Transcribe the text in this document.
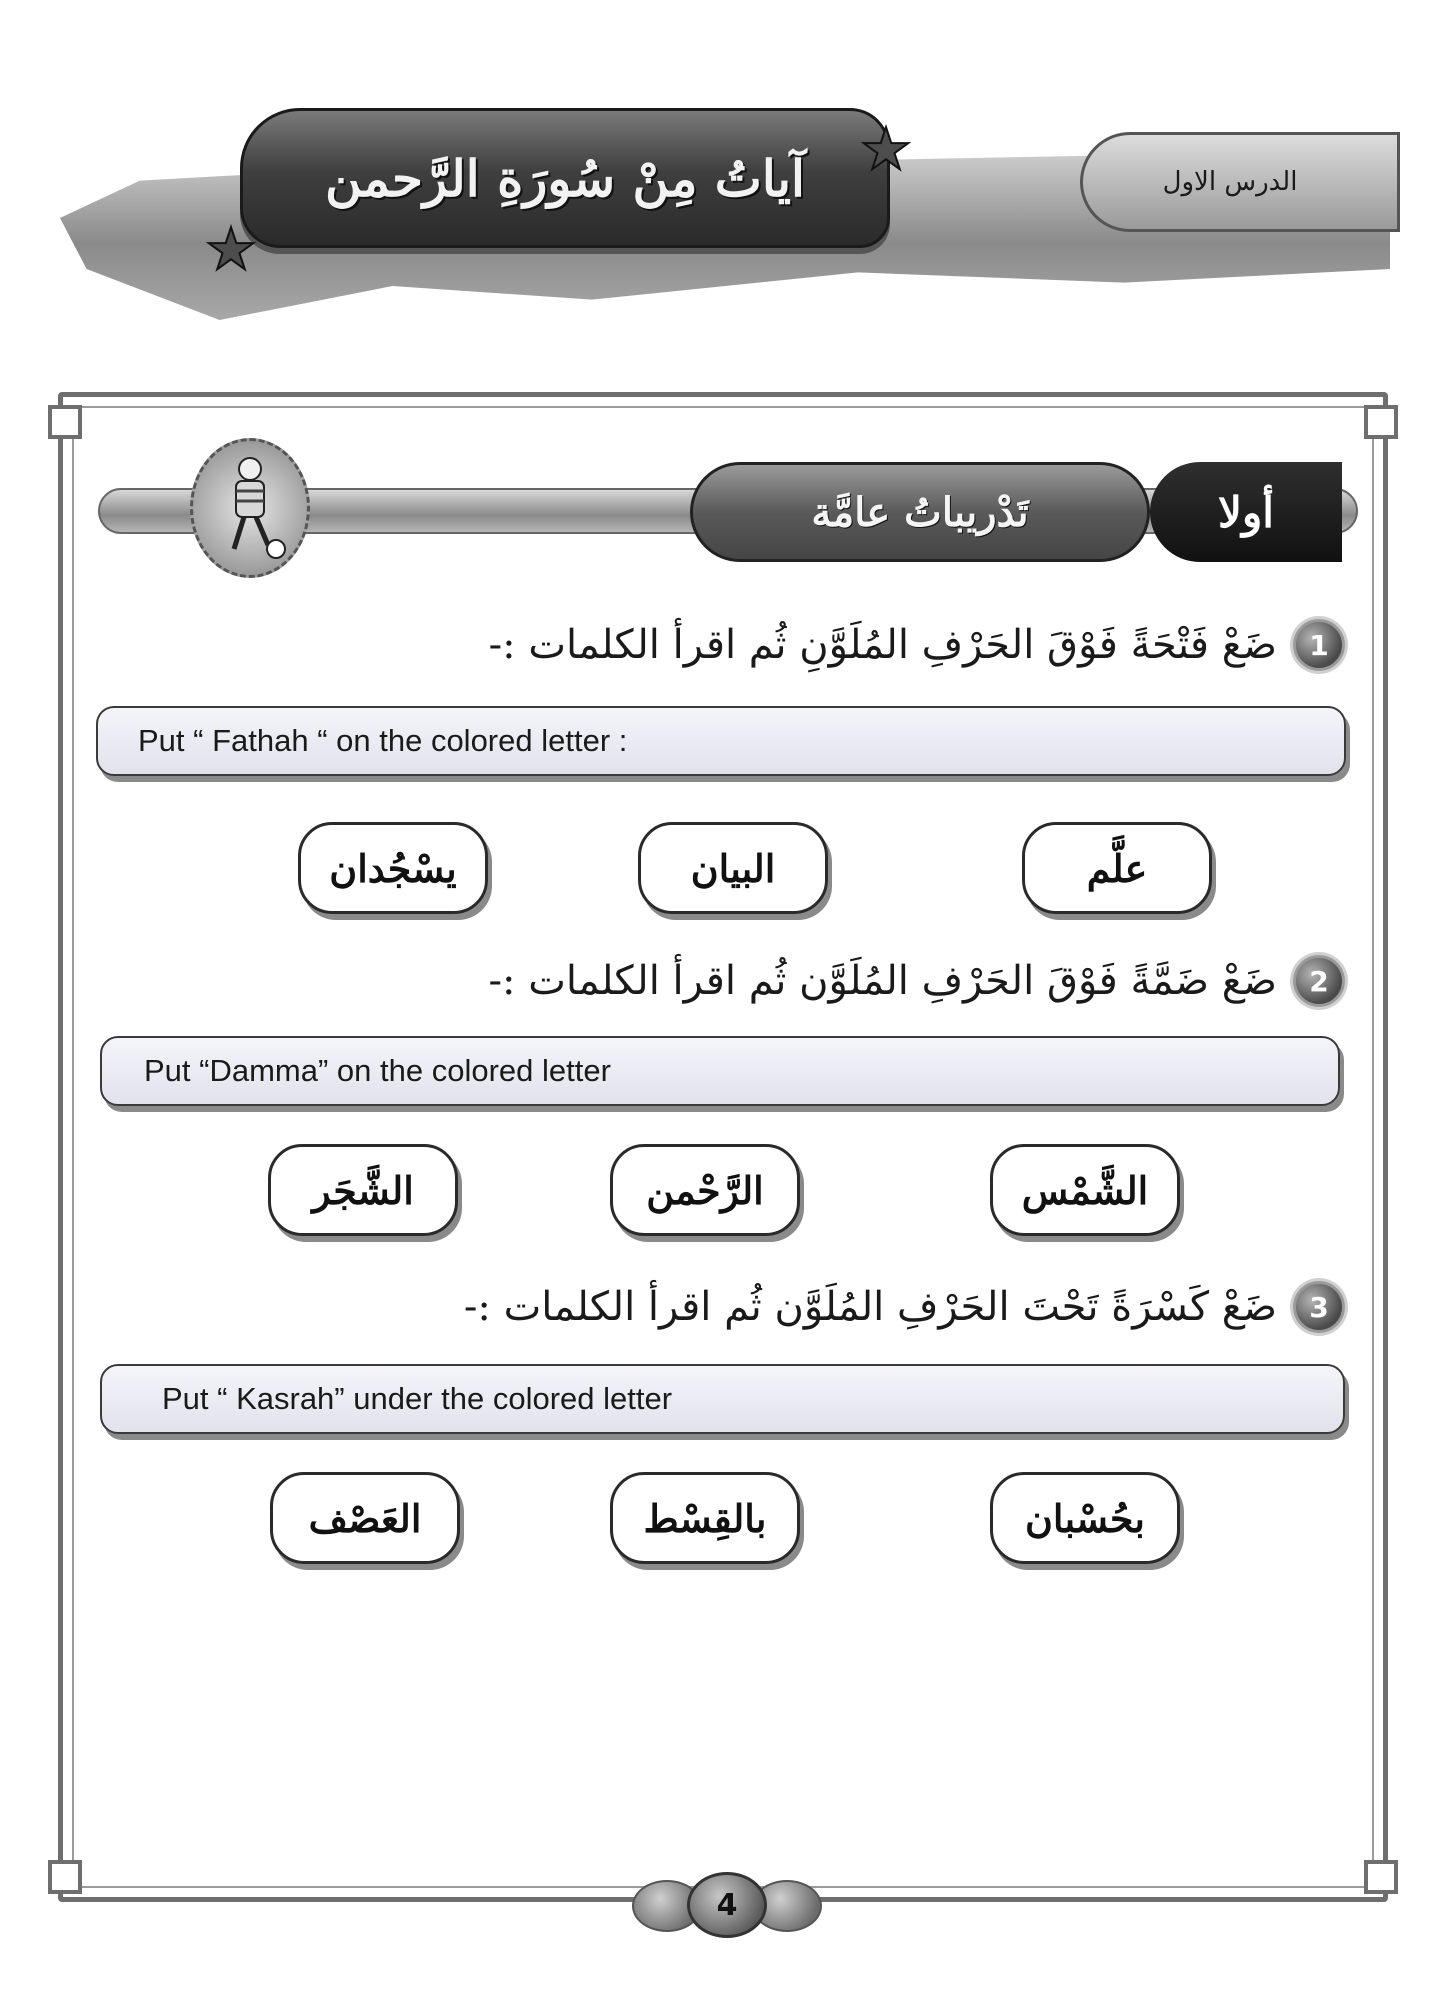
الدرس الاول
آياتُ مِنْ سُورَةِ الرَّحمن
★
★
تَدْريباتُ عامَّة	أولا
1
ضَعْ فَتْحَةً فَوْقَ الحَرْفِ المُلَوَّنِ ثُم اقرأ الكلمات :-
Put “ Fathah “ on the colored letter :
علَّم
البيان
يسْجُدان
2
ضَعْ ضَمَّةً فَوْقَ الحَرْفِ المُلَوَّن ثُم اقرأ الكلمات :-
Put “Damma” on the colored letter
الشَّمْس
الرَّحْمن
الشَّجَر
3
ضَعْ كَسْرَةً تَحْتَ الحَرْفِ المُلَوَّن ثُم اقرأ الكلمات :-
Put “ Kasrah” under the colored letter
بحُسْبان
بالقِسْط
العَصْف
4
